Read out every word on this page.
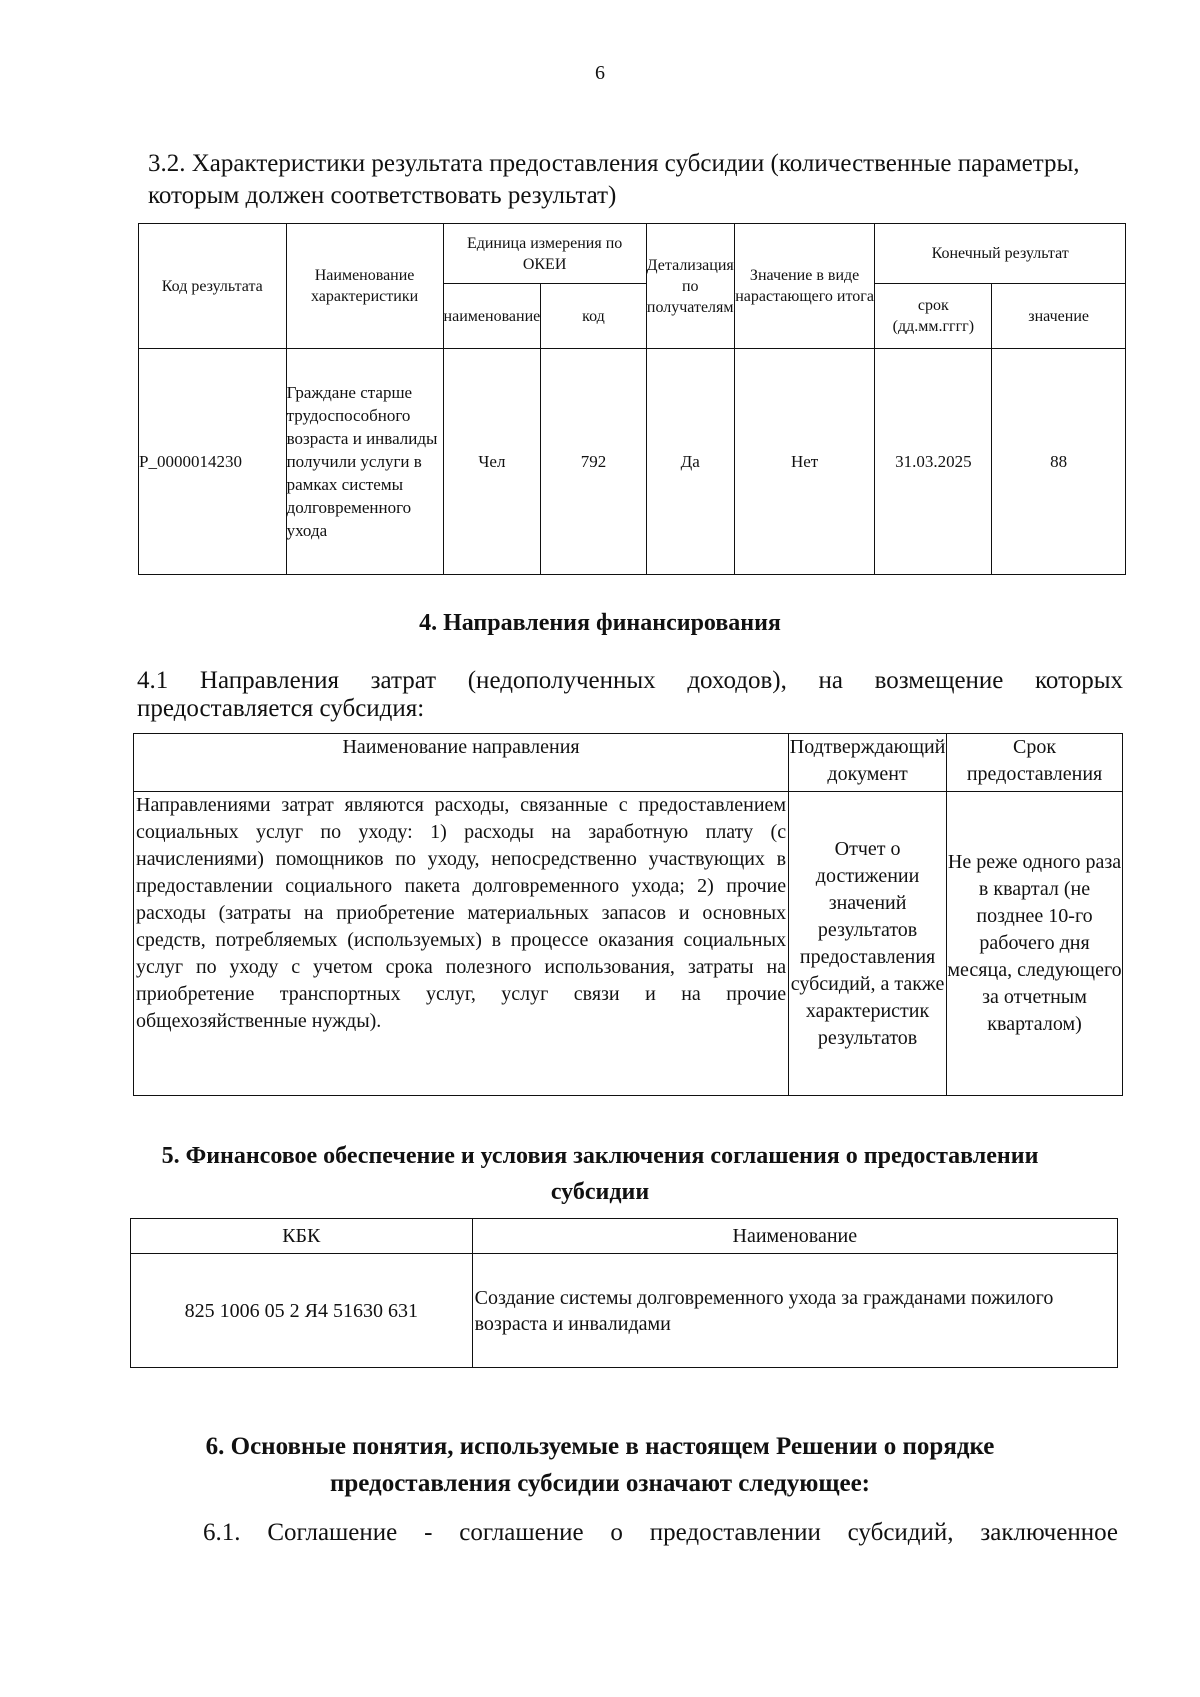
6
3.2. Характеристики результата предоставления субсидии (количественные параметры, которым должен соответствовать результат)
Код результата	Наименование характеристики	Единица измерения по ОКЕИ		Детализация по получателям	Значение в виде нарастающего итога	Конечный результат	
		наименование	код			срок (дд.мм.гггг)	значение
P_0000014230	Граждане старше трудоспособного возраста и инвалиды получили услуги в рамках системы долговременного ухода	Чел	792	Да	Нет	31.03.2025	88
4. Направления финансирования
4.1 Направления затрат (недополученных доходов), на возмещение которых предоставляется субсидия:
Наименование направления	Подтверждающий документ	Срок предоставления
Направлениями затрат являются расходы, связанные с предоставлением социальных услуг по уходу: 1) расходы на заработную плату (с начислениями) помощников по уходу, непосредственно участвующих в предоставлении социального пакета долговременного ухода; 2) прочие расходы (затраты на приобретение материальных запасов и основных средств, потребляемых (используемых) в процессе оказания социальных услуг по уходу с учетом срока полезного использования, затраты на приобретение транспортных услуг, услуг связи и на прочие общехозяйственные нужды).	Отчет о достижении значений результатов предоставления субсидий, а также характеристик результатов	Не реже одного раза в квартал (не позднее 10-го рабочего дня месяца, следующего за отчетным кварталом)
5. Финансовое обеспечение и условия заключения соглашения о предоставлении субсидии
КБК	Наименование
825 1006 05 2 Я4 51630 631	Создание системы долговременного ухода за гражданами пожилого возраста и инвалидами
6. Основные понятия, используемые в настоящем Решении о порядке предоставления субсидии означают следующее:
6.1. Соглашение - соглашение о предоставлении субсидий, заключенное
